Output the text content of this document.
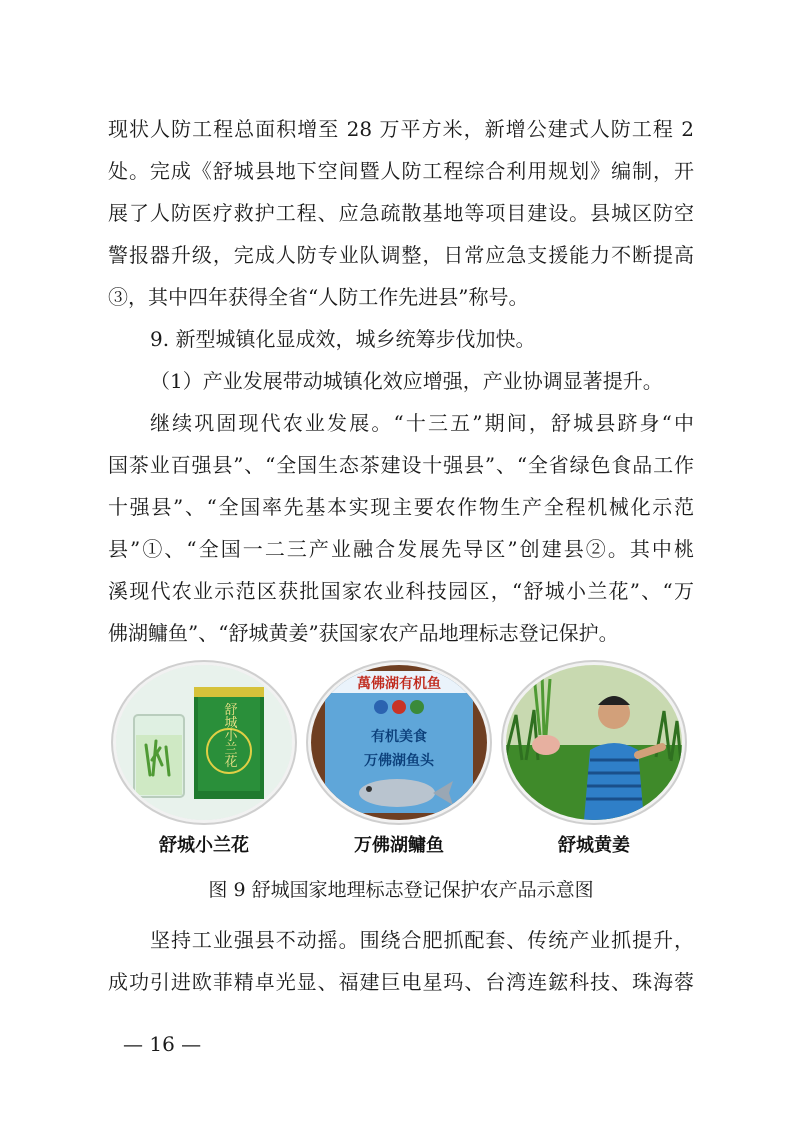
现状人防工程总面积增至 28 万平方米，新增公建式人防工程 2
处。完成《舒城县地下空间暨人防工程综合利用规划》编制，开
展了人防医疗救护工程、应急疏散基地等项目建设。县城区防空
警报器升级，完成人防专业队调整，日常应急支援能力不断提高
③，其中四年获得全省“人防工作先进县”称号。
9. 新型城镇化显成效，城乡统筹步伐加快。
（1）产业发展带动城镇化效应增强，产业协调显著提升。
继续巩固现代农业发展。“十三五”期间，舒城县跻身“中
国茶业百强县”、“全国生态茶建设十强县”、“全省绿色食品工作
十强县”、“全国率先基本实现主要农作物生产全程机械化示范
县”①、“全国一二三产业融合发展先导区”创建县②。其中桃
溪现代农业示范区获批国家农业科技园区，“舒城小兰花”、“万
佛湖鳙鱼”、“舒城黄姜”获国家农产品地理标志登记保护。
舒城小兰花
舒城小兰花
萬佛湖有机鱼
有机美食
万佛湖鱼头
万佛湖鳙鱼	舒城黄姜
图 9 舒城国家地理标志登记保护农产品示意图
坚持工业强县不动摇。围绕合肥抓配套、传统产业抓提升，
成功引进欧菲精卓光显、福建巨电星玛、台湾连鋐科技、珠海蓉
— 16 —
